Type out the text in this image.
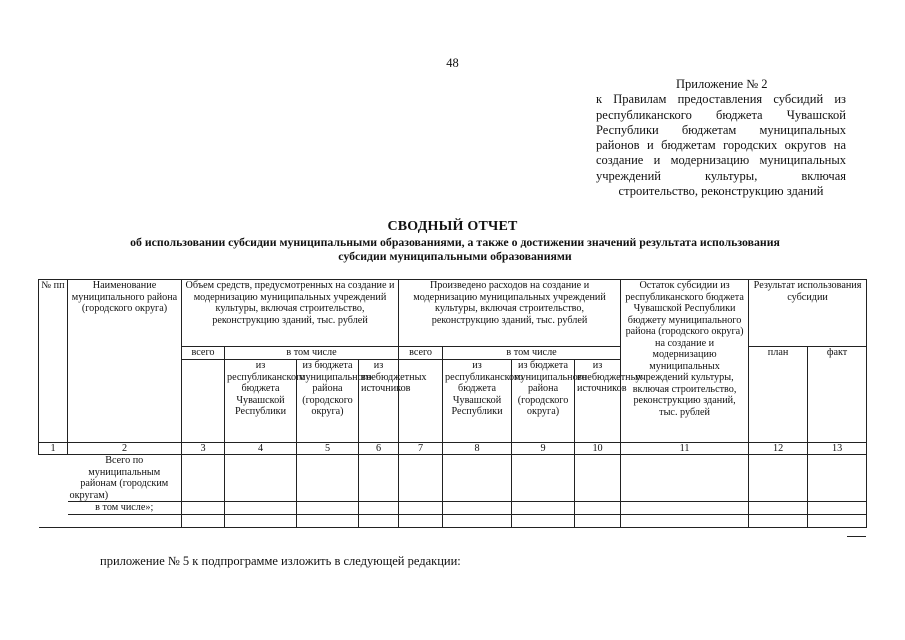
48
Приложение № 2
к Правилам предоставления субсидий из республиканского бюджета Чувашской Республики бюджетам муниципальных районов и бюджетам городских округов на создание и модернизацию муниципальных учреждений культуры, включая строительство, реконструкцию зданий
СВОДНЫЙ ОТЧЕТ
об использовании субсидии муниципальными образованиями, а также о достижении значений результата использования субсидии муниципальными образованиями
№ пп	Наименование муниципального района (городского округа)	Объем средств, предусмотренных на создание и модернизацию муниципальных учреждений культуры, включая строительство, реконструкцию зданий, тыс. рублей				Произведено расходов на создание и модернизацию муниципальных учреждений культуры, включая строительство, реконструкцию зданий, тыс. рублей				Остаток субсидии из республиканского бюджета Чувашской Республики бюджету муниципального района (городского округа) на создание и модернизацию муниципальных учреждений культуры, включая строительство, реконструкцию зданий, тыс. рублей	Результат использования субсидии	
		всего	в том числе			всего	в том числе				план	факт
			из республиканского бюджета Чувашской Республики	из бюджета муниципального района (городского округа)	из внебюджетных источников		из республиканского бюджета Чувашской Республики	из бюджета муниципального района (городского округа)	из внебюджетных источников			
1	2	3	4	5	6	7	8	9	10	11	12	13
	Всего по муниципальным районам (городским округам)											
	в том числе»;											

приложение № 5 к подпрограмме изложить в следующей редакции:
